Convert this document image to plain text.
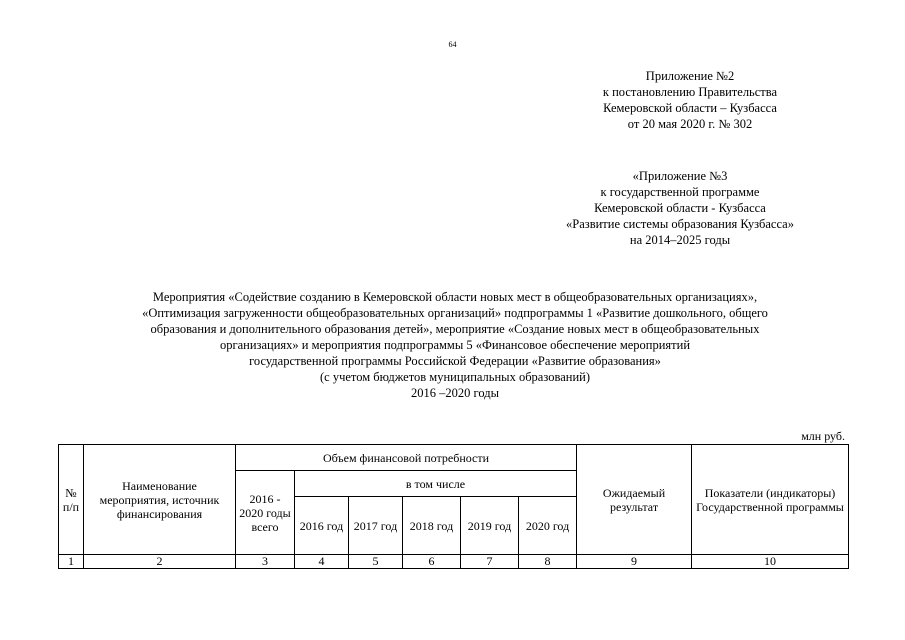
64
Приложение №2
к постановлению Правительства
Кемеровской области – Кузбасса
от 20 мая 2020 г. № 302
«Приложение №3
к государственной программе
Кемеровской области - Кузбасса
«Развитие системы образования Кузбасса»
на 2014–2025 годы
Мероприятия «Содействие созданию в Кемеровской области новых мест в общеобразовательных организациях»,
«Оптимизация загруженности общеобразовательных организаций» подпрограммы 1 «Развитие дошкольного, общего
образования и дополнительного образования детей», мероприятие «Создание новых мест в общеобразовательных
организациях» и мероприятия подпрограммы 5 «Финансовое обеспечение мероприятий
государственной программы Российской Федерации «Развитие образования»
(с учетом бюджетов муниципальных образований)
2016 –2020 годы
млн руб.
№ п/п	Наименование мероприятия, источник финансирования	Объем финансовой потребности						Ожидаемый результат	Показатели (индикаторы) Государственной программы
		2016 - 2020 годы всего	в том числе						
			2016 год	2017 год	2018 год	2019 год	2020 год		
1	2	3	4	5	6	7	8	9	10
